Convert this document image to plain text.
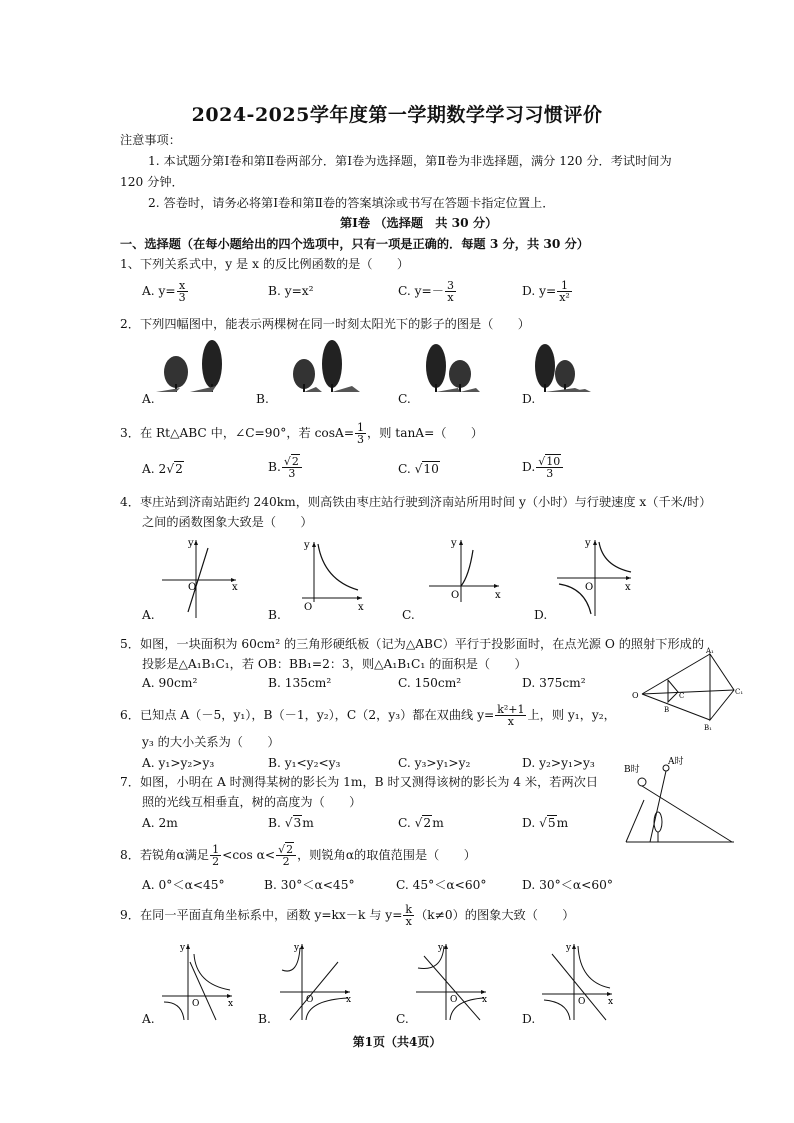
2024-2025学年度第一学期数学学习习惯评价
注意事项：
1. 本试题分第Ⅰ卷和第Ⅱ卷两部分．第Ⅰ卷为选择题，第Ⅱ卷为非选择题，满分 120 分．考试时间为
120 分钟．
2. 答卷时，请务必将第Ⅰ卷和第Ⅱ卷的答案填涂或书写在答题卡指定位置上．
第Ⅰ卷 （选择题　共 30 分）
一、选择题（在每小题给出的四个选项中，只有一项是正确的．每题 3 分，共 30 分）
1、下列关系式中，y 是 x 的反比例函数的是（　　）
A. $y= \frac{x}{3}$	B. y=x²	C. $y=- \frac{3}{x}$	D. $y= \frac{1}{\text{x²}}$
2．下列四幅图中，能表示两棵树在同一时刻太阳光下的影子的图是（　　）
A.	B.	C.	D.
3．在 Rt△ABC 中，∠C=90°，若 $\cos A= \frac{1}{3}$ ，则 tanA=（　　）
A. 2√2	B. $\frac{√2}{3}$	C. √10	D. $\frac{√10}{3}$
4．枣庄站到济南站距约 240km，则高铁由枣庄站行驶到济南站所用时间 y（小时）与行驶速度 x（千米/时）
之间的函数图象大致是（　　）
y
O	x
A.
y
O	x
B.
y
O	x
C.
y
O	x
D.
5．如图，一块面积为 60cm² 的三角形硬纸板（记为△ABC）平行于投影面时，在点光源 O 的照射下形成的
投影是△A₁B₁C₁，若 OB：BB₁=2：3，则△A₁B₁C₁ 的面积是（　　）
A. 90cm²	B. 135cm²	C. 150cm²	D. 375cm²
O
A₁
C₁
B₁
B
C
6．已知点 A（－5，y₁），B（－1，y₂），C（2，y₃）都在双曲线 $y= \frac{\text{k²+1}}{x}$ 上，则 y₁，y₂，
y₃ 的大小关系为（　　）
A. y₁>y₂>y₃	B. y₁<y₂<y₃	C. y₃>y₁>y₂	D. y₂>y₁>y₃
7．如图，小明在 A 时测得某树的影长为 1m，B 时又测得该树的影长为 4 米，若两次日
照的光线互相垂直，树的高度为（　　）
A. 2m	B. √3m	C. √2m	D. √5m
B时
A时
8．若锐角α满足 $\frac{1}{2} <\cos$ $\alpha< \frac{√2}{2}$ ，则锐角α的取值范围是（　　）
A. 0°＜α<45°	B. 30°＜α<45°	C. 45°＜α<60°	D. 30°＜α<60°
9．在同一平面直角坐标系中，函数 y=kx－k 与 $y= \frac{k}{x} (k\ne 0)$的图象大致（　　）
y
O	x
A.
y
O	x
B.
y
O	x
C.
y
O	x
D.
第1页（共4页）
